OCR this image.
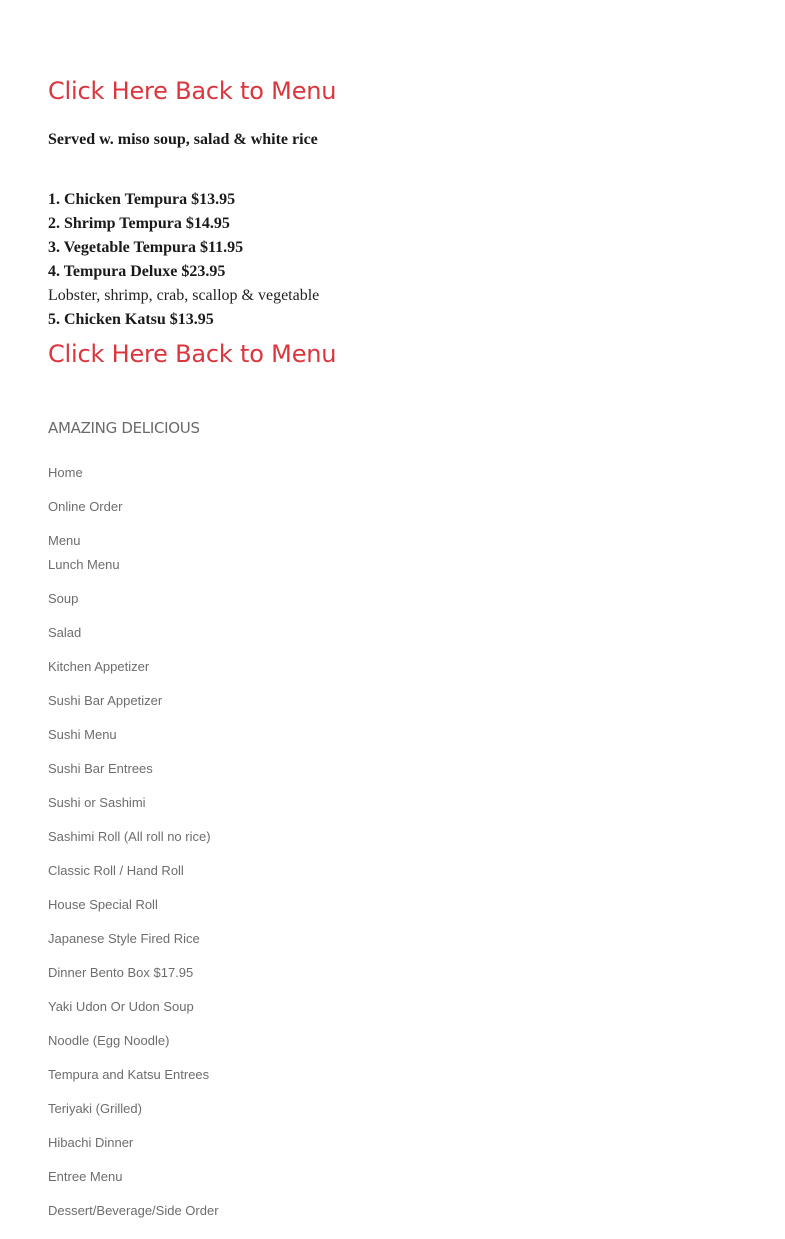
Click Here Back to Menu
Served w. miso soup, salad & white rice
1. Chicken Tempura $13.95
2. Shrimp Tempura $14.95
3. Vegetable Tempura $11.95
4. Tempura Deluxe $23.95
Lobster, shrimp, crab, scallop & vegetable
5. Chicken Katsu $13.95
Click Here Back to Menu
AMAZING DELICIOUS
Home
Online Order
Menu
Lunch Menu
Soup
Salad
Kitchen Appetizer
Sushi Bar Appetizer
Sushi Menu
Sushi Bar Entrees
Sushi or Sashimi
Sashimi Roll (All roll no rice)
Classic Roll / Hand Roll
House Special Roll
Japanese Style Fired Rice
Dinner Bento Box $17.95
Yaki Udon Or Udon Soup
Noodle (Egg Noodle)
Tempura and Katsu Entrees
Teriyaki (Grilled)
Hibachi Dinner
Entree Menu
Dessert/Beverage/Side Order
